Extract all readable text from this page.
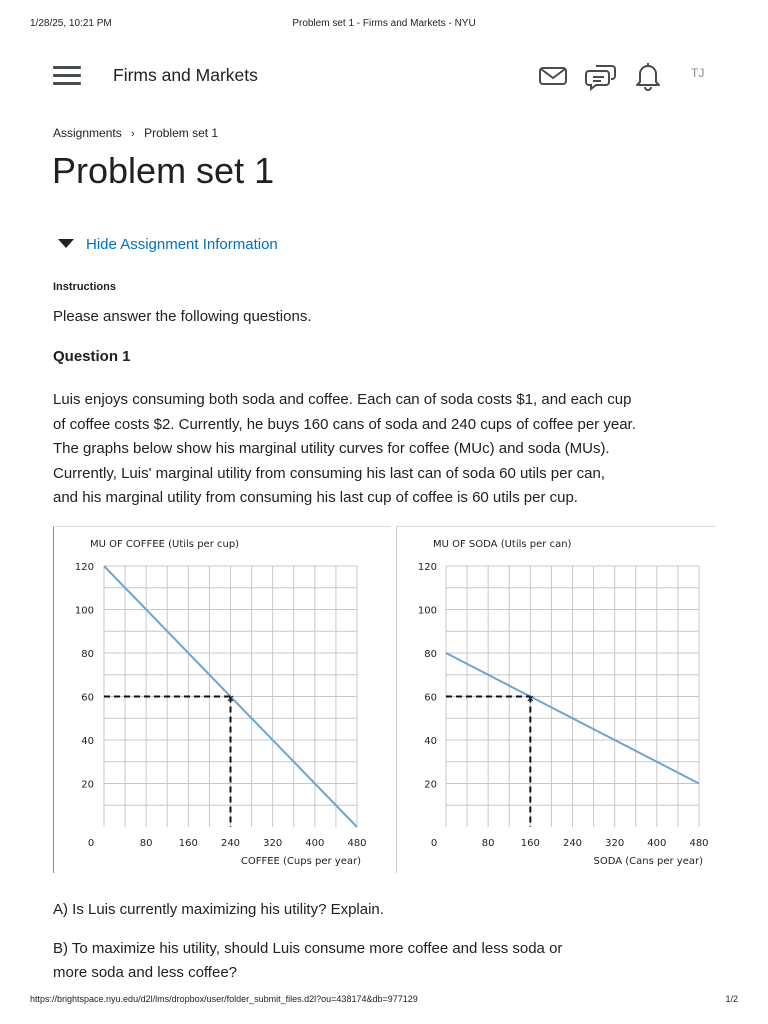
1/28/25, 10:21 PM	Problem set 1 - Firms and Markets - NYU
Firms and Markets	TJ
Assignments › Problem set 1
Problem set 1
Hide Assignment Information
Instructions
Please answer the following questions.
Question 1

Luis enjoys consuming both soda and coffee. Each can of soda costs $1, and each cup
of coffee costs $2. Currently, he buys 160 cans of soda and 240 cups of coffee per year.
The graphs below show his marginal utility curves for coffee (MUc) and soda (MUs).
Currently, Luis' marginal utility from consuming his last can of soda 60 utils per can,
and his marginal utility from consuming his last cup of coffee is 60 utils per cup.

MU OF COFFEE (Utils per cup)
COFFEE (Cups per year)
20
40
60
80
100
120
0	80	160 240 320 400 480
×
MU OF SODA (Utils per can)
SODA (Cans per year)
20
40
60
80
100
120
0	80	160 240 320 400 480
×
A) Is Luis currently maximizing his utility? Explain.
B) To maximize his utility, should Luis consume more coffee and less soda or
more soda and less coffee?
https://brightspace.nyu.edu/d2l/lms/dropbox/user/folder_submit_files.d2l?ou=438174&db=977129	1/2
